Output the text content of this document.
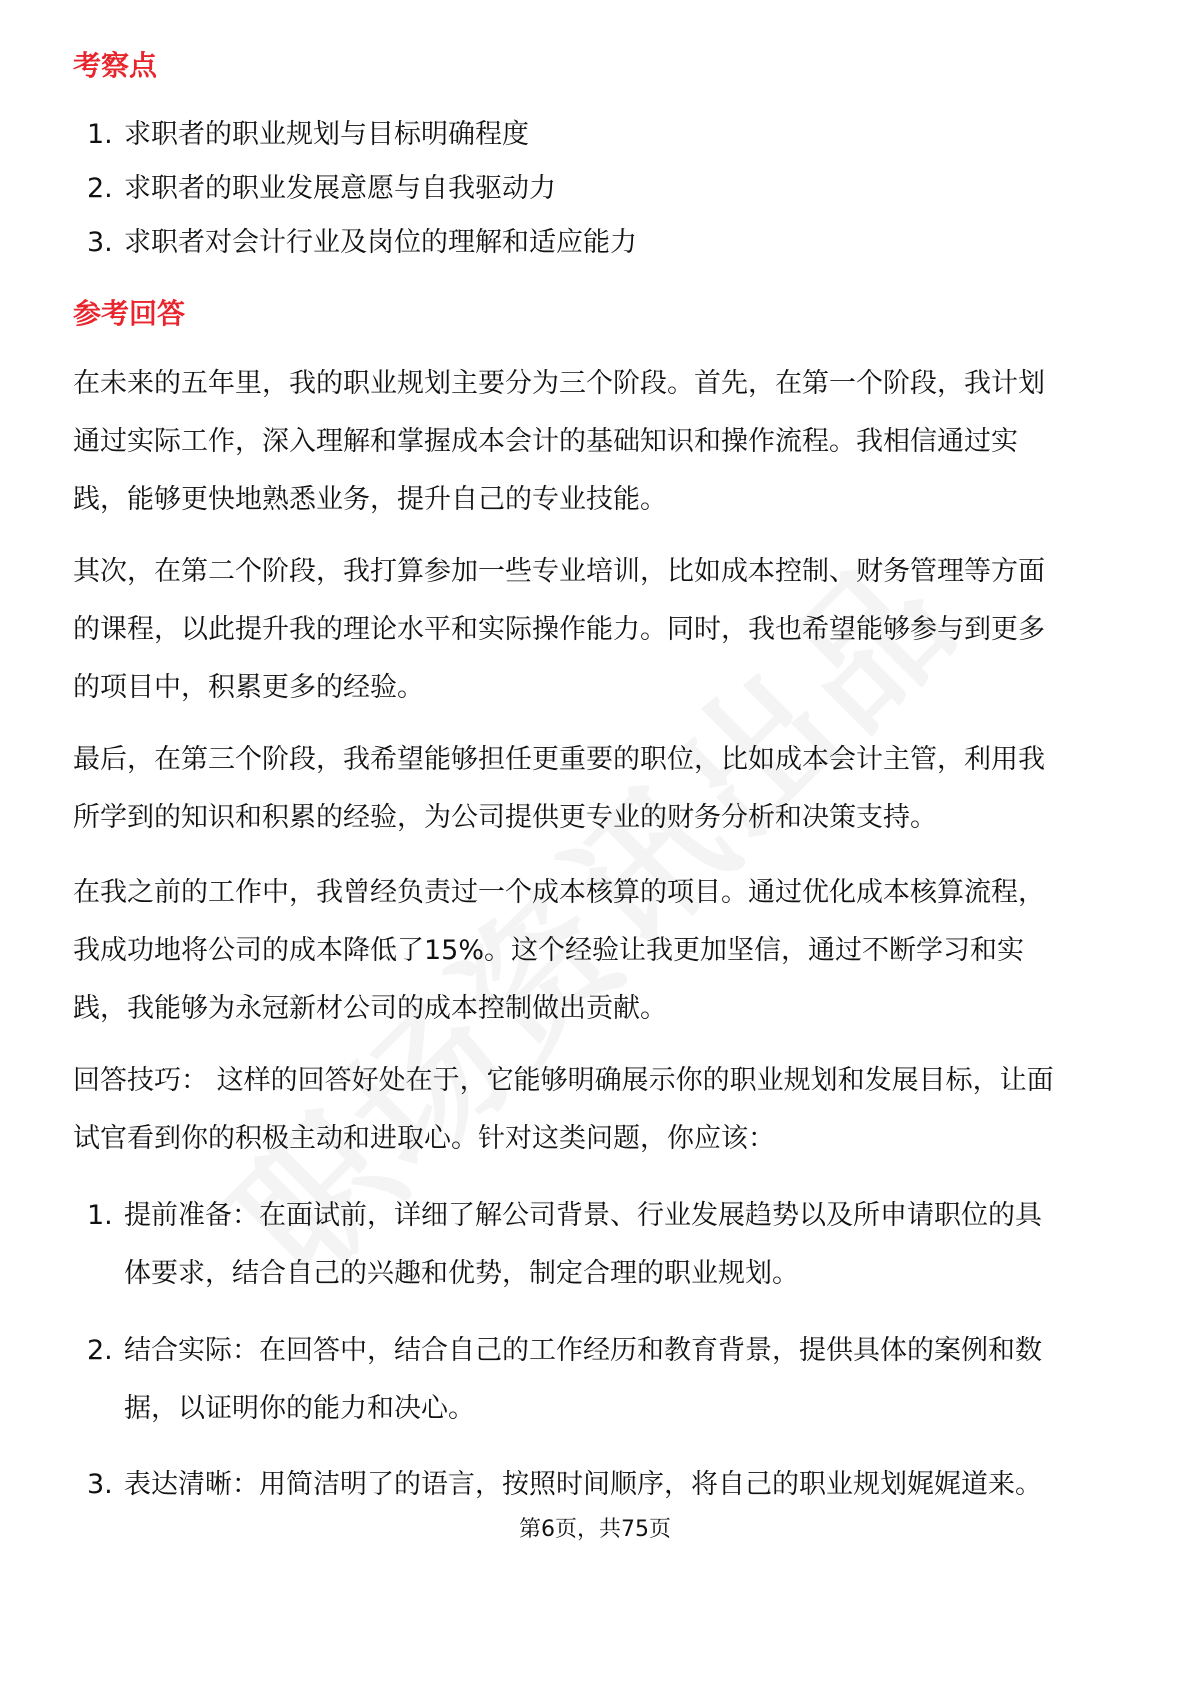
考察点
1. 求职者的职业规划与目标明确程度
2. 求职者的职业发展意愿与自我驱动力
3. 求职者对会计行业及岗位的理解和适应能力
参考回答
在未来的五年里，我的职业规划主要分为三个阶段。首先，在第一个阶段，我计划
通过实际工作，深入理解和掌握成本会计的基础知识和操作流程。我相信通过实
践，能够更快地熟悉业务，提升自己的专业技能。
其次，在第二个阶段，我打算参加一些专业培训，比如成本控制、财务管理等方面
的课程，以此提升我的理论水平和实际操作能力。同时，我也希望能够参与到更多
的项目中，积累更多的经验。
最后，在第三个阶段，我希望能够担任更重要的职位，比如成本会计主管，利用我
所学到的知识和积累的经验，为公司提供更专业的财务分析和决策支持。
在我之前的工作中，我曾经负责过一个成本核算的项目。通过优化成本核算流程，
我成功地将公司的成本降低了15%。这个经验让我更加坚信，通过不断学习和实
践，我能够为永冠新材公司的成本控制做出贡献。
回答技巧： 这样的回答好处在于，它能够明确展示你的职业规划和发展目标，让面
试官看到你的积极主动和进取心。针对这类问题，你应该：
1. 提前准备：在面试前，详细了解公司背景、行业发展趋势以及所申请职位的具
体要求，结合自己的兴趣和优势，制定合理的职业规划。
2. 结合实际：在回答中，结合自己的工作经历和教育背景，提供具体的案例和数
据，以证明你的能力和决心。
3. 表达清晰：用简洁明了的语言，按照时间顺序，将自己的职业规划娓娓道来。
第6页，共75页
